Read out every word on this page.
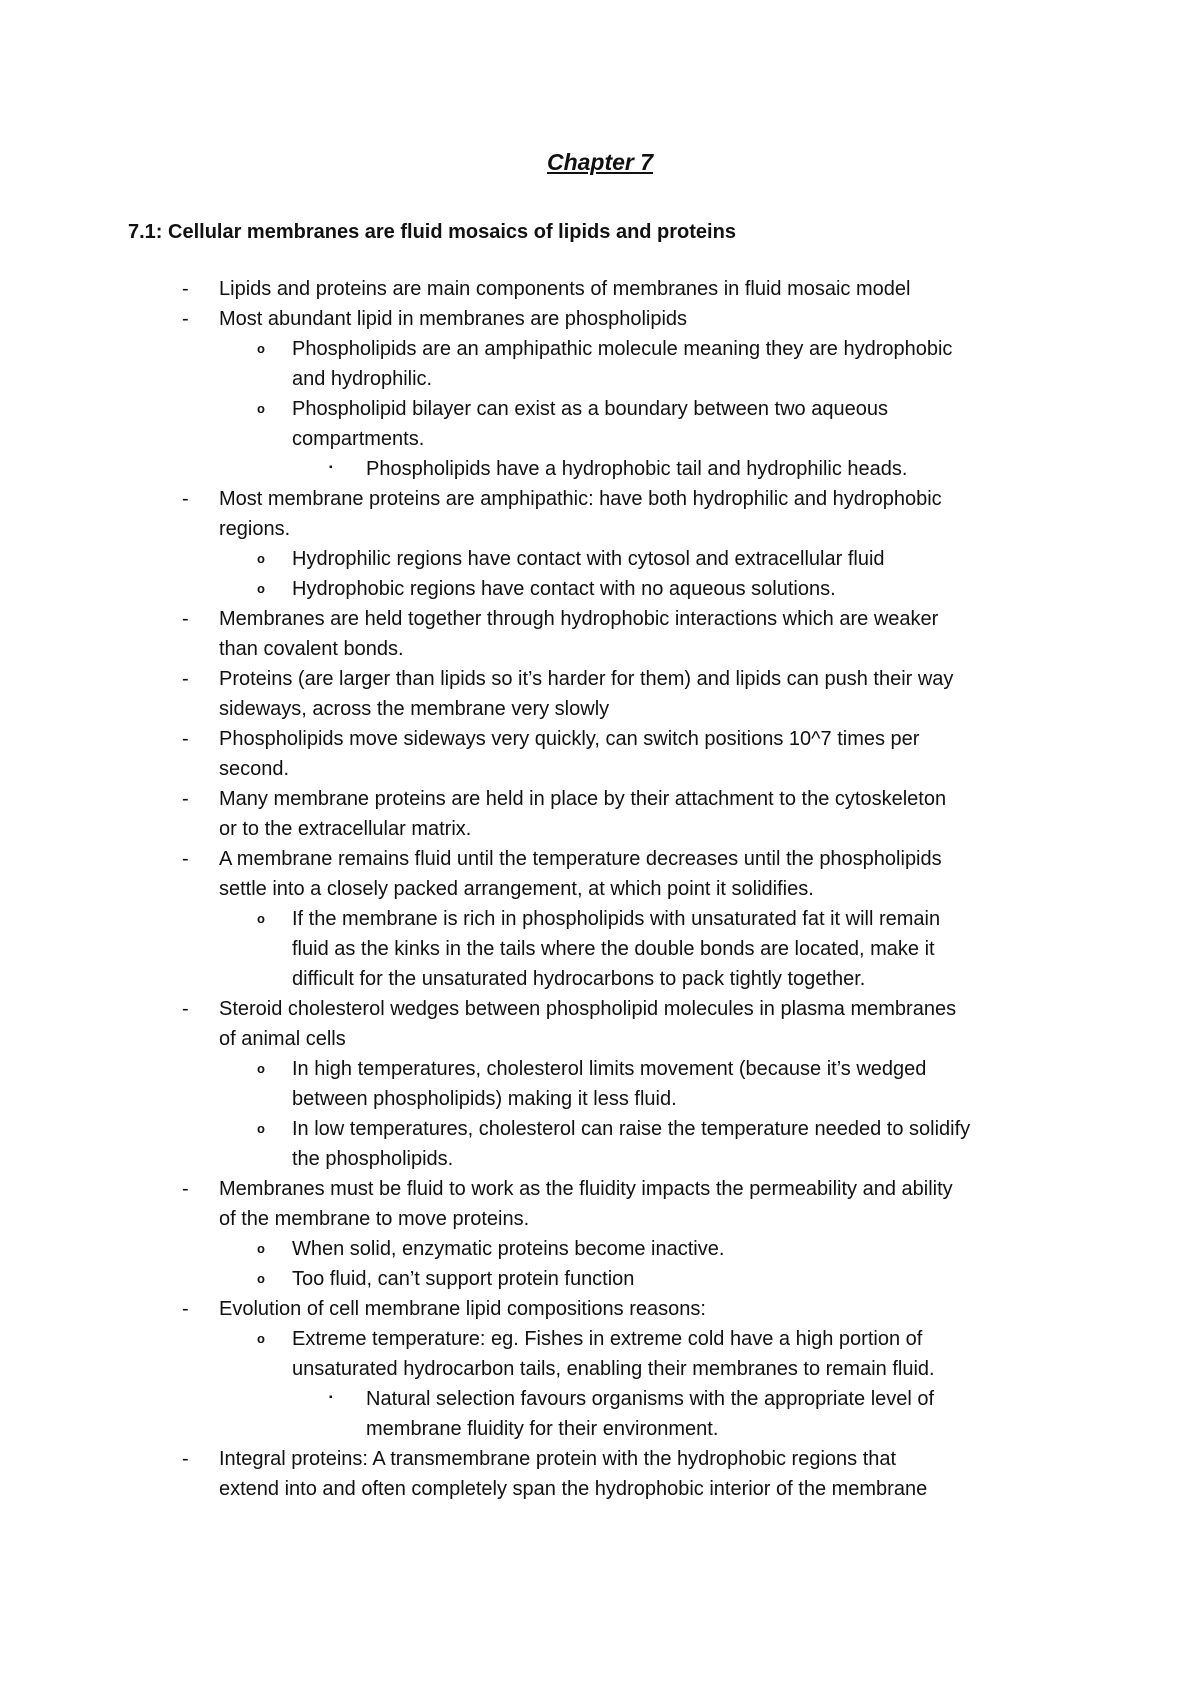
Chapter 7
7.1: Cellular membranes are fluid mosaics of lipids and proteins
- Lipids and proteins are main components of membranes in fluid mosaic model
- Most abundant lipid in membranes are phospholipids
o Phospholipids are an amphipathic molecule meaning they are hydrophobic
and hydrophilic.
o Phospholipid bilayer can exist as a boundary between two aqueous
compartments.
▪ Phospholipids have a hydrophobic tail and hydrophilic heads.
- Most membrane proteins are amphipathic: have both hydrophilic and hydrophobic
regions.
o Hydrophilic regions have contact with cytosol and extracellular fluid
o Hydrophobic regions have contact with no aqueous solutions.
- Membranes are held together through hydrophobic interactions which are weaker
than covalent bonds.
- Proteins (are larger than lipids so it’s harder for them) and lipids can push their way
sideways, across the membrane very slowly
- Phospholipids move sideways very quickly, can switch positions 10^7 times per
second.
- Many membrane proteins are held in place by their attachment to the cytoskeleton
or to the extracellular matrix.
- A membrane remains fluid until the temperature decreases until the phospholipids
settle into a closely packed arrangement, at which point it solidifies.
o If the membrane is rich in phospholipids with unsaturated fat it will remain
fluid as the kinks in the tails where the double bonds are located, make it
difficult for the unsaturated hydrocarbons to pack tightly together.
- Steroid cholesterol wedges between phospholipid molecules in plasma membranes
of animal cells
o In high temperatures, cholesterol limits movement (because it’s wedged
between phospholipids) making it less fluid.
o In low temperatures, cholesterol can raise the temperature needed to solidify
the phospholipids.
- Membranes must be fluid to work as the fluidity impacts the permeability and ability
of the membrane to move proteins.
o When solid, enzymatic proteins become inactive.
o Too fluid, can’t support protein function
- Evolution of cell membrane lipid compositions reasons:
o Extreme temperature: eg. Fishes in extreme cold have a high portion of
unsaturated hydrocarbon tails, enabling their membranes to remain fluid.
▪ Natural selection favours organisms with the appropriate level of
membrane fluidity for their environment.
- Integral proteins: A transmembrane protein with the hydrophobic regions that
extend into and often completely span the hydrophobic interior of the membrane
